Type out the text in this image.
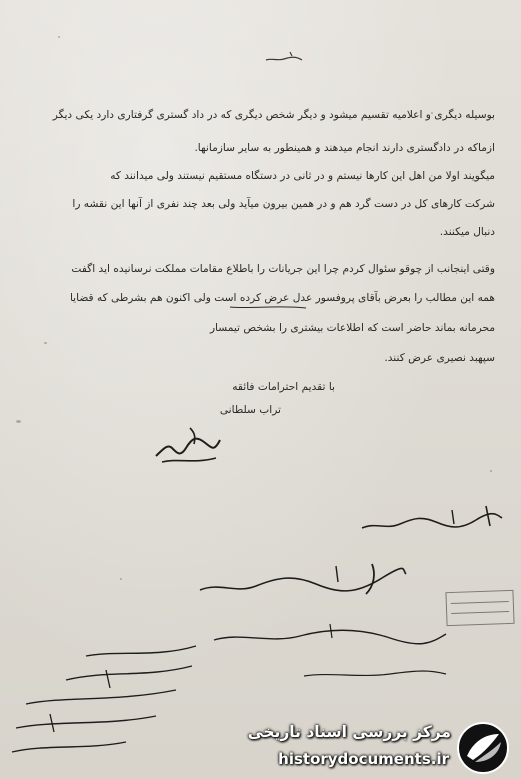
بوسیله دیگری و اعلامیه تقسیم میشود و دیگر شخص دیگری که در داد گستری گرفتاری دارد یکی دیگر
ازماکه در دادگستری دارند انجام میدهند و همینطور به سایر سازمانها.
میگویند اولا من اهل این کارها نیستم و در ثانی در دستگاه مستقیم نیستند ولی میدانند که
شرکت کارهای کل در دست گرد هم و در همین بیرون میآید ولی بعد چند نفری از آنها این نقشه را
دنبال میکنند.
وقتی اینجانب از چوقو سئوال کردم چرا این جریانات را باطلاع مقامات مملکت نرسانیده اید اگفت
همه این مطالب را بعرض بآقای پروفسور عدل عرض کرده است ولی اکنون هم بشرطی که قضایا
محرمانه بماند حاضر است که اطلاعات بیشتری را بشخص تیمسار
سپهبد نصیری عرض کنند.
با تقدیم احترامات فائقه
تراب سلطانی
مرکز بررسی اسناد تاریخی
historydocuments.ir
